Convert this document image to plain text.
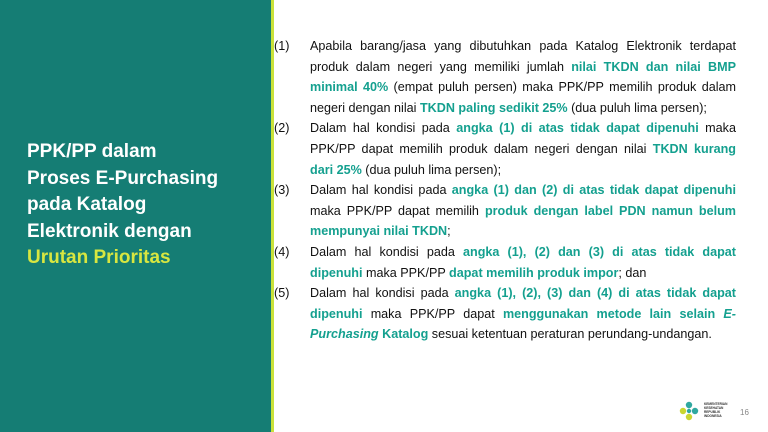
PPK/PP dalam
Proses E-Purchasing
pada Katalog
Elektronik dengan
Urutan Prioritas
(1)	Apabila barang/jasa yang dibutuhkan pada Katalog Elektronik terdapat produk dalam negeri yang memiliki jumlah nilai TKDN dan nilai BMP minimal 40% (empat puluh persen) maka PPK/PP memilih produk dalam negeri dengan nilai TKDN paling sedikit 25% (dua puluh lima persen);
(2)	Dalam hal kondisi pada angka (1) di atas tidak dapat dipenuhi maka PPK/PP dapat memilih produk dalam negeri dengan nilai TKDN kurang dari 25% (dua puluh lima persen);
(3)	Dalam hal kondisi pada angka (1) dan (2) di atas tidak dapat dipenuhi maka PPK/PP dapat memilih produk dengan label PDN namun belum mempunyai nilai TKDN;
(4)	Dalam hal kondisi pada angka (1), (2) dan (3) di atas tidak dapat dipenuhi maka PPK/PP dapat memilih produk impor; dan
(5)	Dalam hal kondisi pada angka (1), (2), (3) dan (4) di atas tidak dapat dipenuhi maka PPK/PP dapat menggunakan metode lain selain E-Purchasing Katalog sesuai ketentuan peraturan perundang-undangan.
KEMENTERIAN
KESEHATAN
REPUBLIK
INDONESIA	16
